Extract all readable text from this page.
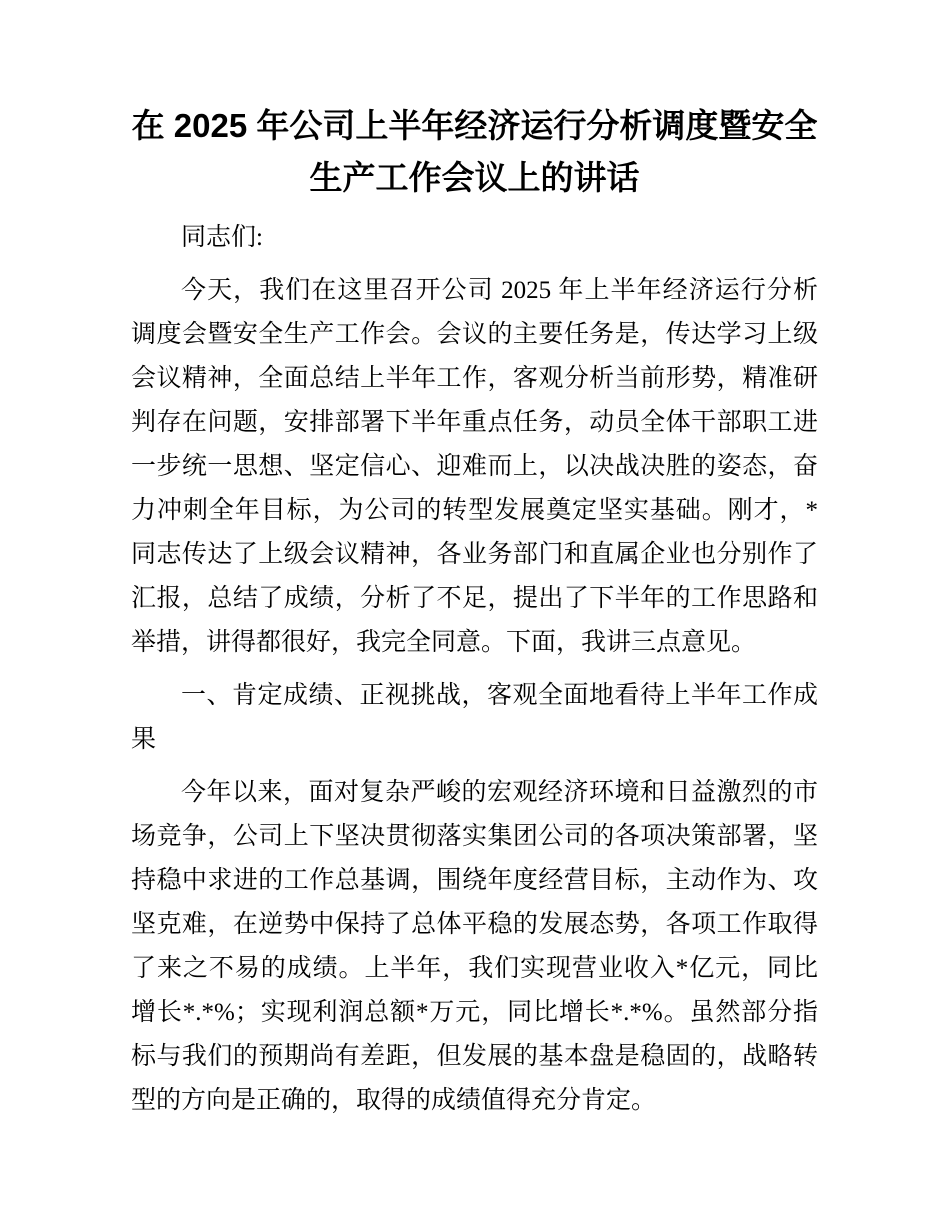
在 2025 年公司上半年经济运行分析调度暨安全
生产工作会议上的讲话

同志们:

今天，我们在这里召开公司 2025 年上半年经济运行分析调度会暨安全生产工作会。会议的主要任务是，传达学习上级会议精神，全面总结上半年工作，客观分析当前形势，精准研判存在问题，安排部署下半年重点任务，动员全体干部职工进一步统一思想、坚定信心、迎难而上，以决战决胜的姿态，奋力冲刺全年目标，为公司的转型发展奠定坚实基础。刚才，*同志传达了上级会议精神，各业务部门和直属企业也分别作了汇报，总结了成绩，分析了不足，提出了下半年的工作思路和举措，讲得都很好，我完全同意。下面，我讲三点意见。

一、肯定成绩、正视挑战，客观全面地看待上半年工作成果

今年以来，面对复杂严峻的宏观经济环境和日益激烈的市场竞争，公司上下坚决贯彻落实集团公司的各项决策部署，坚持稳中求进的工作总基调，围绕年度经营目标，主动作为、攻坚克难，在逆势中保持了总体平稳的发展态势，各项工作取得了来之不易的成绩。上半年，我们实现营业收入*亿元，同比增长*.*%；实现利润总额*万元，同比增长*.*%。虽然部分指标与我们的预期尚有差距，但发展的基本盘是稳固的，战略转型的方向是正确的，取得的成绩值得充分肯定。
